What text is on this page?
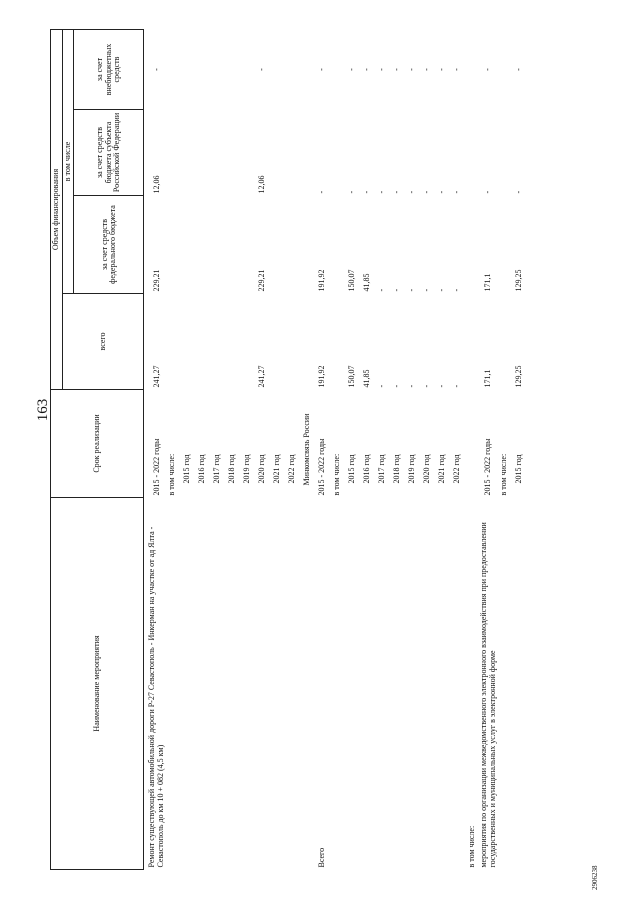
163
2906238
Наименование мероприятия	Срок реализации	Объем финансирования			
		всего	в том числе		
			за счет средств федерального бюджета	за счет средств бюджета субъекта Российской Федерации	за счет внебюджетных средств
Ремонт существующей автомобильной дороги Р-27 Севастополь - Инкерман на участке от ад Ялта - Севастополь до км 10 + 082 (4,5 км)	2015 - 2022 годы	241,27	229,21	12,06	-
	в том числе:				
	2015 год				
	2016 год				
	2017 год				
	2018 год				
	2019 год				
	2020 год	241,27	229,21	12,06	-
	2021 год				
	2022 год				
Минкомсвязь России					
Всего	2015 - 2022 годы	191,92	191,92	-	-
	в том числе:				
	2015 год	150,07	150,07	-	-
	2016 год	41,85	41,85	-	-
	2017 год	-	-	-	-
	2018 год	-	-	-	-
	2019 год	-	-	-	-
	2020 год	-	-	-	-
	2021 год	-	-	-	-
	2022 год	-	-	-	-
в том числе:					
мероприятия по организации межведомственного электронного взаимодействия при предоставлении государственных и муниципальных услуг в электронной форме	2015 - 2022 годы	171,1	171,1	-	-
	в том числе:				
	2015 год	129,25	129,25	-	-
